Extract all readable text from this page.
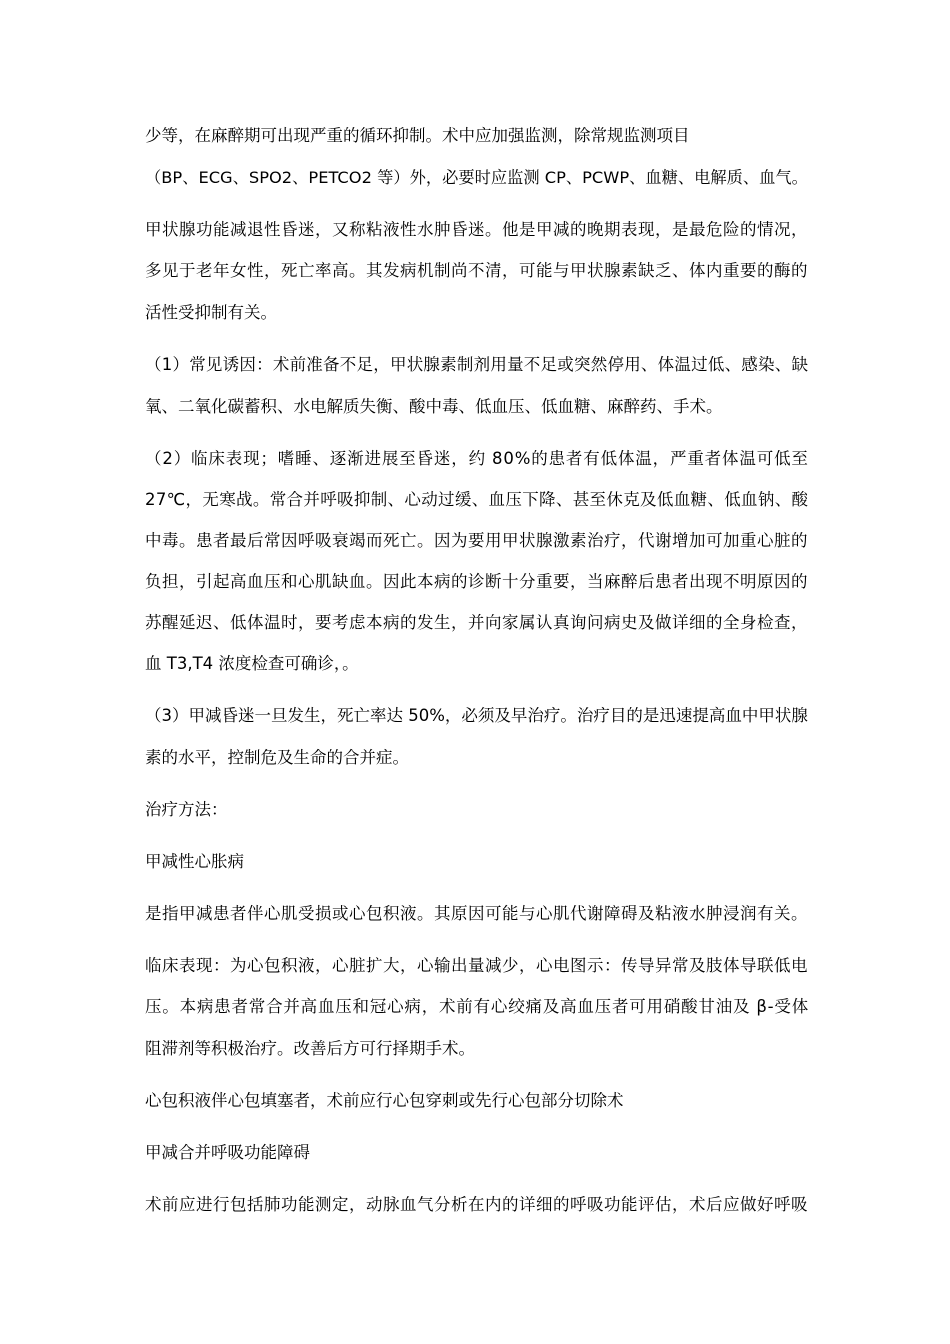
少等，在麻醉期可出现严重的循环抑制。术中应加强监测，除常规监测项目
（BP、ECG、SPO2、PETCO2 等）外，必要时应监测 CP、PCWP、血糖、电解质、血气。
甲状腺功能减退性昏迷，又称粘液性水肿昏迷。他是甲减的晚期表现，是最危险的情况，
多见于老年女性，死亡率高。其发病机制尚不清，可能与甲状腺素缺乏、体内重要的酶的
活性受抑制有关。
（1）常见诱因：术前准备不足，甲状腺素制剂用量不足或突然停用、体温过低、感染、缺
氧、二氧化碳蓄积、水电解质失衡、酸中毒、低血压、低血糖、麻醉药、手术。
（2）临床表现；嗜睡、逐渐进展至昏迷，约 80%的患者有低体温，严重者体温可低至
27℃，无寒战。常合并呼吸抑制、心动过缓、血压下降、甚至休克及低血糖、低血钠、酸
中毒。患者最后常因呼吸衰竭而死亡。因为要用甲状腺激素治疗，代谢增加可加重心脏的
负担，引起高血压和心肌缺血。因此本病的诊断十分重要，当麻醉后患者出现不明原因的
苏醒延迟、低体温时，要考虑本病的发生，并向家属认真询问病史及做详细的全身检查，
血 T3,T4 浓度检查可确诊，。
（3）甲减昏迷一旦发生，死亡率达 50%，必须及早治疗。治疗目的是迅速提高血中甲状腺
素的水平，控制危及生命的合并症。
治疗方法：
甲减性心胀病
是指甲减患者伴心肌受损或心包积液。其原因可能与心肌代谢障碍及粘液水肿浸润有关。
临床表现：为心包积液，心脏扩大，心输出量减少，心电图示：传导异常及肢体导联低电
压。本病患者常合并高血压和冠心病，术前有心绞痛及高血压者可用硝酸甘油及 β-受体
阻滞剂等积极治疗。改善后方可行择期手术。
心包积液伴心包填塞者，术前应行心包穿刺或先行心包部分切除术
甲减合并呼吸功能障碍
术前应进行包括肺功能测定，动脉血气分析在内的详细的呼吸功能评估，术后应做好呼吸
